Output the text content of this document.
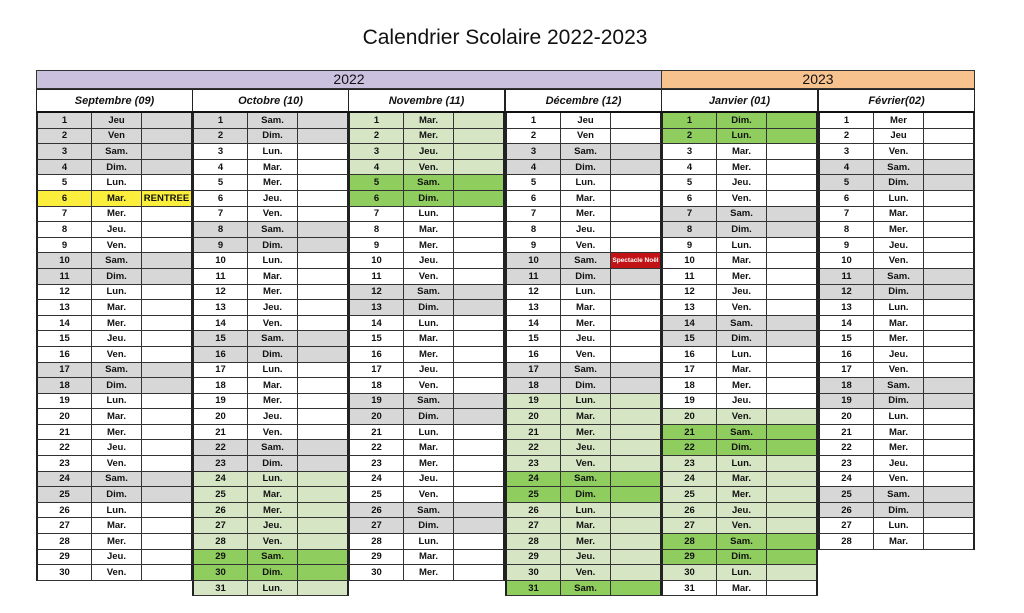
Calendrier Scolaire 2022-2023
2022	2023
Septembre (09)
1	Jeu
2	Ven
3	Sam.
4	Dim.
5	Lun.
6	Mar.	RENTREE
7	Mer.
8	Jeu.
9	Ven.
10	Sam.
11	Dim.
12	Lun.
13	Mar.
14	Mer.
15	Jeu.
16	Ven.
17	Sam.
18	Dim.
19	Lun.
20	Mar.
21	Mer.
22	Jeu.
23	Ven.
24	Sam.
25	Dim.
26	Lun.
27	Mar.
28	Mer.
29	Jeu.
30	Ven.
Octobre (10)
1	Sam.
2	Dim.
3	Lun.
4	Mar.
5	Mer.
6	Jeu.
7	Ven.
8	Sam.
9	Dim.
10	Lun.
11	Mar.
12	Mer.
13	Jeu.
14	Ven.
15	Sam.
16	Dim.
17	Lun.
18	Mar.
19	Mer.
20	Jeu.
21	Ven.
22	Sam.
23	Dim.
24	Lun.
25	Mar.
26	Mer.
27	Jeu.
28	Ven.
29	Sam.
30	Dim.
31	Lun.
Novembre (11)
1	Mar.
2	Mer.
3	Jeu.
4	Ven.
5	Sam.
6	Dim.
7	Lun.
8	Mar.
9	Mer.
10	Jeu.
11	Ven.
12	Sam.
13	Dim.
14	Lun.
15	Mar.
16	Mer.
17	Jeu.
18	Ven.
19	Sam.
20	Dim.
21	Lun.
22	Mar.
23	Mer.
24	Jeu.
25	Ven.
26	Sam.
27	Dim.
28	Lun.
29	Mar.
30	Mer.
Décembre (12)
1	Jeu
2	Ven
3	Sam.
4	Dim.
5	Lun.
6	Mar.
7	Mer.
8	Jeu.
9	Ven.
10	Sam.	Spectacle Noël
11	Dim.
12	Lun.
13	Mar.
14	Mer.
15	Jeu.
16	Ven.
17	Sam.
18	Dim.
19	Lun.
20	Mar.
21	Mer.
22	Jeu.
23	Ven.
24	Sam.
25	Dim.
26	Lun.
27	Mar.
28	Mer.
29	Jeu.
30	Ven.
31	Sam.
Janvier (01)
1	Dim.
2	Lun.
3	Mar.
4	Mer.
5	Jeu.
6	Ven.
7	Sam.
8	Dim.
9	Lun.
10	Mar.
11	Mer.
12	Jeu.
13	Ven.
14	Sam.
15	Dim.
16	Lun.
17	Mar.
18	Mer.
19	Jeu.
20	Ven.
21	Sam.
22	Dim.
23	Lun.
24	Mar.
25	Mer.
26	Jeu.
27	Ven.
28	Sam.
29	Dim.
30	Lun.
31	Mar.
Février(02)
1	Mer
2	Jeu
3	Ven.
4	Sam.
5	Dim.
6	Lun.
7	Mar.
8	Mer.
9	Jeu.
10	Ven.
11	Sam.
12	Dim.
13	Lun.
14	Mar.
15	Mer.
16	Jeu.
17	Ven.
18	Sam.
19	Dim.
20	Lun.
21	Mar.
22	Mer.
23	Jeu.
24	Ven.
25	Sam.
26	Dim.
27	Lun.
28	Mar.
